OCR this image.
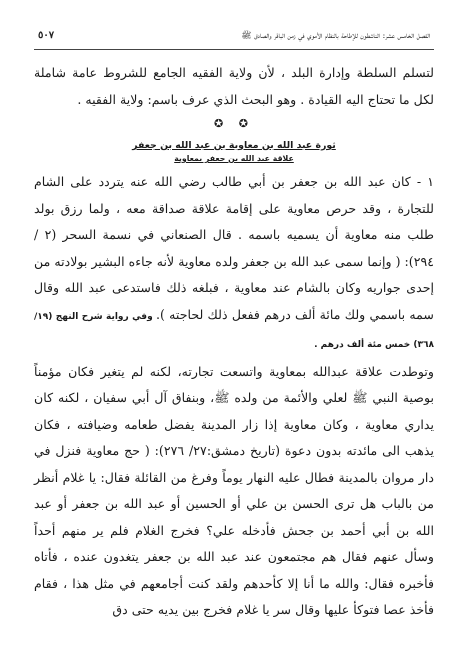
الفصل الخامس عشر: الناشطون للإطاحة بالنظام الأموي في زمن الباقر والصادق ﷺ
٥٠٧

لتسلم السلطة وإدارة البلد ، لأن ولاية الفقيه الجامع للشروط عامة شاملة لكل ما تحتاج اليه القيادة . وهو البحث الذي عرف باسم: ولاية الفقيه .

✪ ✪
ثورة عبد الله بن معاوية بن عبد الله بن جعفر
علاقة عبد الله بن جعفر بمعاوية

١ - كان عبد الله بن جعفر بن أبي طالب رضي الله عنه يتردد على الشام للتجارة ، وقد حرص معاوية على إقامة علاقة صداقة معه ، ولما رزق بولد طلب منه معاوية أن يسميه باسمه . قال الصنعاني في نسمة السحر (٢ / ٢٩٤): ( وإنما سمى عبد الله بن جعفر ولده معاوية لأنه جاءه البشير بولادته من إحدى جواريه وكان بالشام عند معاوية ، فبلغه ذلك فاستدعى عبد الله وقال سمه باسمي ولك مائة ألف درهم ففعل ذلك لحاجته ). وفي رواية شرح النهج (١٩/ ٣٦٨) خمس مئة ألف درهم .

وتوطدت علاقة عبدالله بمعاوية واتسعت تجارته، لكنه لم يتغير فكان مؤمناً بوصية النبي ﷺ لعلي والأئمة من ولده ﷺ، وبنفاق آل أبي سفيان ، لكنه كان يداري معاوية ، وكان معاوية إذا زار المدينة يفضل طعامه وضيافته ، فكان يذهب الى مائدته بدون دعوة (تاريخ دمشق:٢٧/ ٢٧٦): ( حج معاوية فنزل في دار مروان بالمدينة فطال عليه النهار يوماً وفرغ من القائلة فقال: يا غلام أنظر من بالباب هل ترى الحسن بن علي أو الحسين أو عبد الله بن جعفر أو عبد الله بن أبي أحمد بن جحش فأدخله علي؟ فخرج الغلام فلم ير منهم أحداً وسأل عنهم فقال هم مجتمعون عند عبد الله بن جعفر يتغدون عنده ، فأتاه فأخبره فقال: والله ما أنا إلا كأحدهم ولقد كنت أجامعهم في مثل هذا ، فقام فأخذ عصا فتوكأ عليها وقال سر يا غلام فخرج بين يديه حتى دق
